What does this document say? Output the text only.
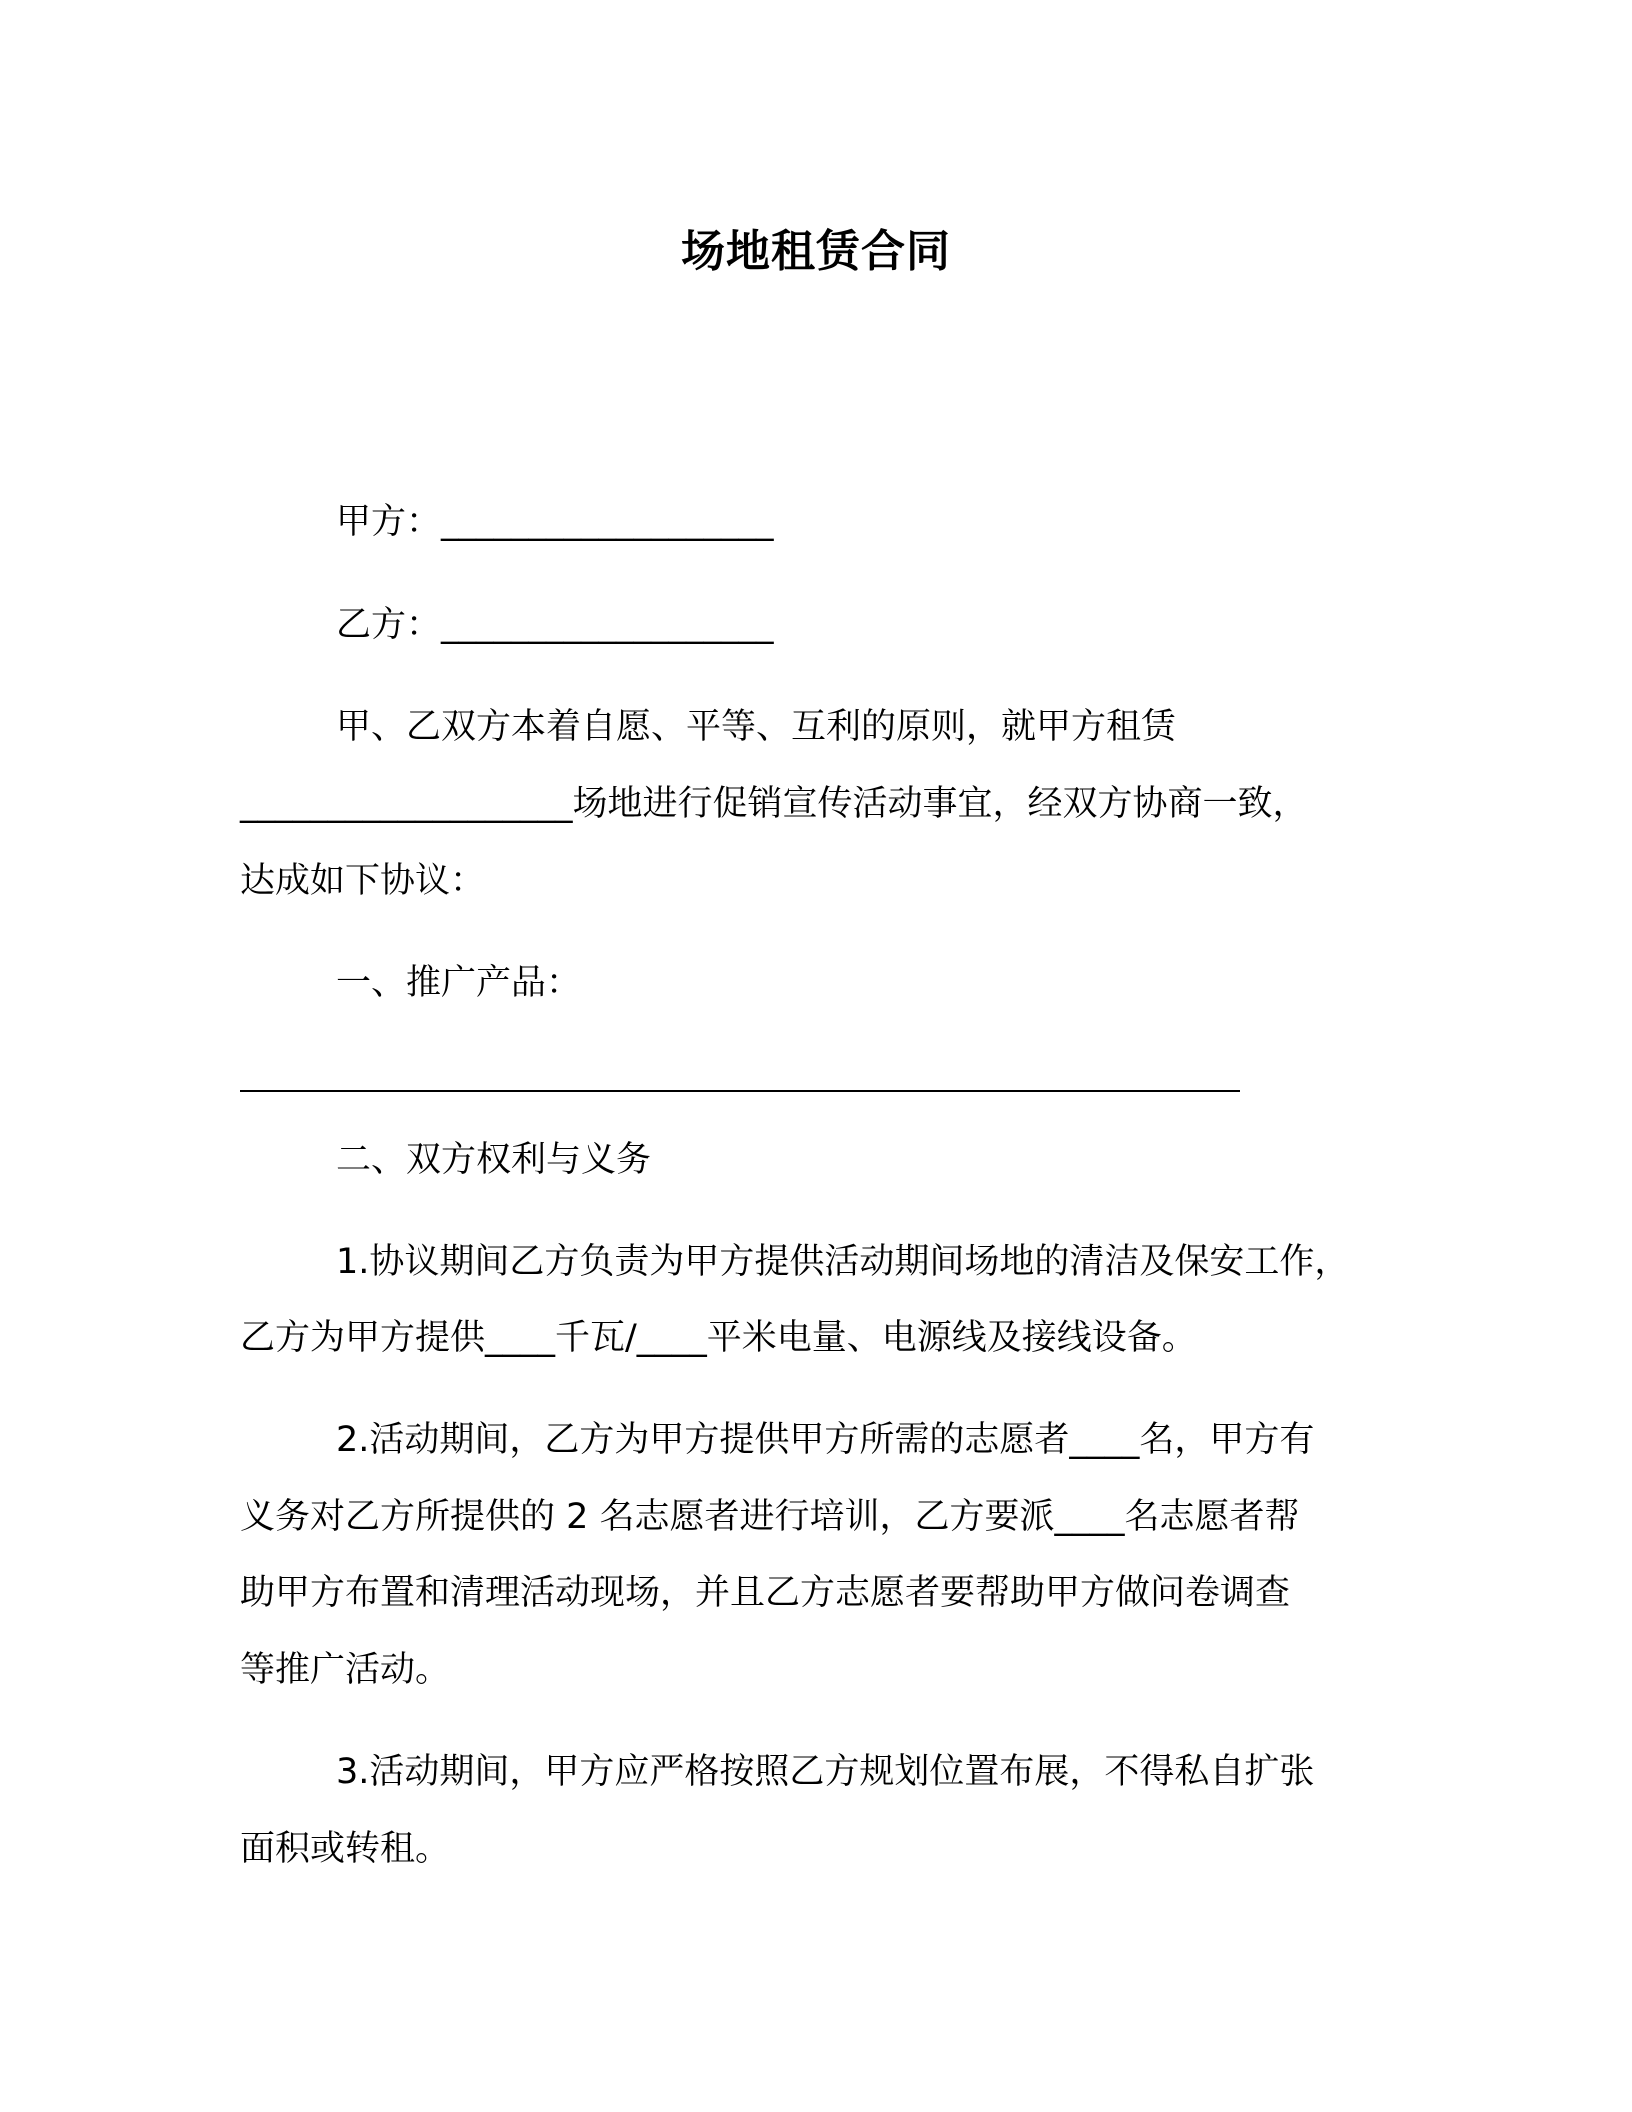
场地租赁合同
甲方：___________________
乙方：___________________
甲、乙双方本着自愿、平等、互利的原则，就甲方租赁
___________________场地进行促销宣传活动事宜，经双方协商一致，
达成如下协议：
一、推广产品：
二、双方权利与义务
1.协议期间乙方负责为甲方提供活动期间场地的清洁及保安工作，
乙方为甲方提供____千瓦/____平米电量、电源线及接线设备。
2.活动期间，乙方为甲方提供甲方所需的志愿者____名，甲方有
义务对乙方所提供的 2 名志愿者进行培训，乙方要派____名志愿者帮
助甲方布置和清理活动现场，并且乙方志愿者要帮助甲方做问卷调查
等推广活动。
3.活动期间，甲方应严格按照乙方规划位置布展，不得私自扩张
面积或转租。
